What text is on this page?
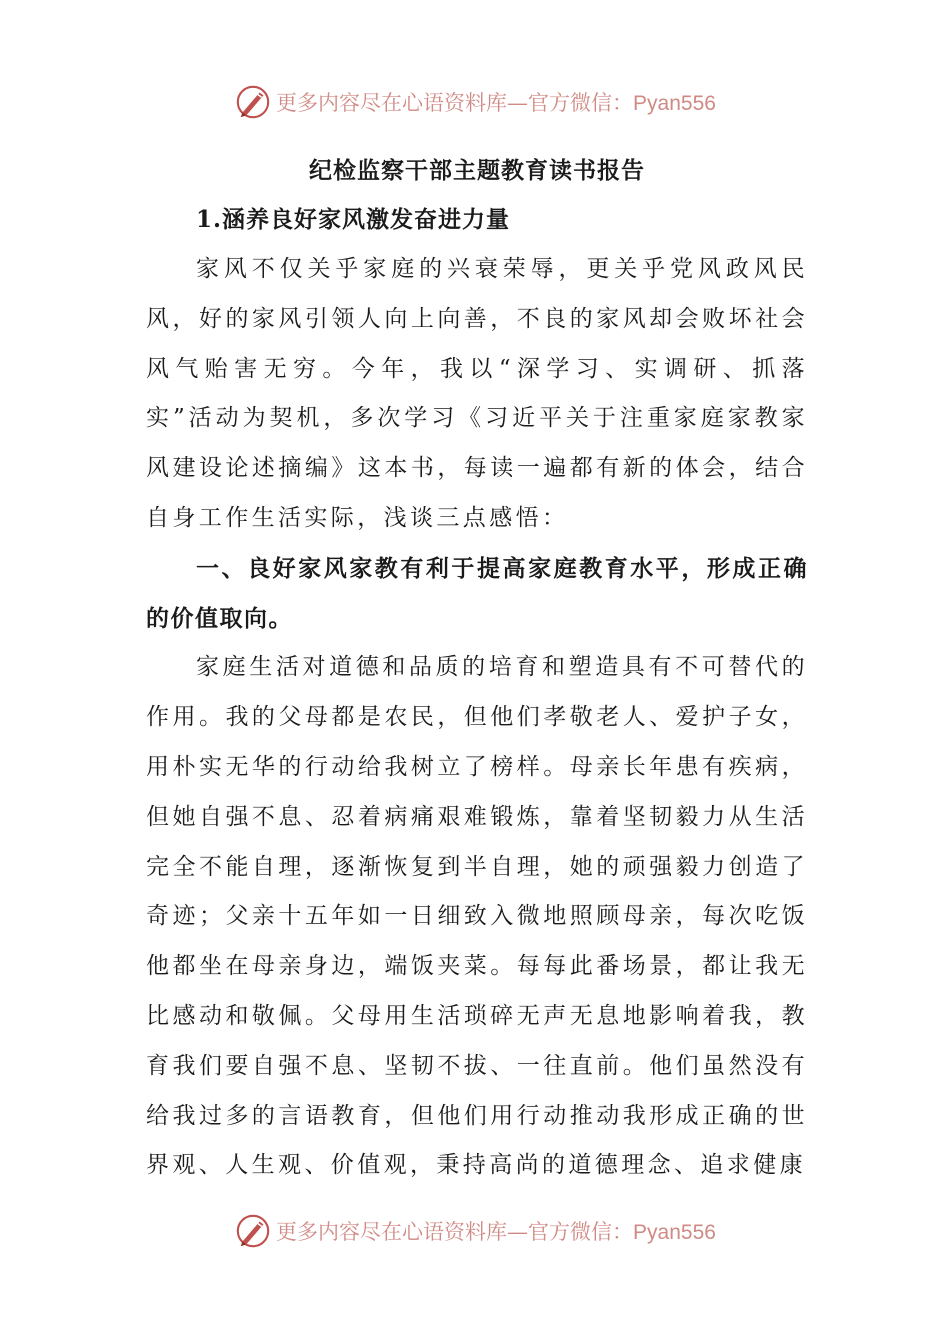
更多内容尽在心语资料库—官方微信：Pyan556
纪检监察干部主题教育读书报告
1.涵养良好家风激发奋进力量

家风不仅关乎家庭的兴衰荣辱，更关乎党风政风民风，好的家风引领人向上向善，不良的家风却会败坏社会风气贻害无穷。今年，我以“深学习、实调研、抓落实”活动为契机，多次学习《习近平关于注重家庭家教家风建设论述摘编》这本书，每读一遍都有新的体会，结合自身工作生活实际，浅谈三点感悟：

一、良好家风家教有利于提高家庭教育水平，形成正确的价值取向。

家庭生活对道德和品质的培育和塑造具有不可替代的作用。我的父母都是农民，但他们孝敬老人、爱护子女，用朴实无华的行动给我树立了榜样。母亲长年患有疾病，但她自强不息、忍着病痛艰难锻炼，靠着坚韧毅力从生活完全不能自理，逐渐恢复到半自理，她的顽强毅力创造了奇迹；父亲十五年如一日细致入微地照顾母亲，每次吃饭他都坐在母亲身边，端饭夹菜。每每此番场景，都让我无比感动和敬佩。父母用生活琐碎无声无息地影响着我，教育我们要自强不息、坚韧不拔、一往直前。他们虽然没有给我过多的言语教育，但他们用行动推动我形成正确的世界观、人生观、价值观，秉持高尚的道德理念、追求健康

更多内容尽在心语资料库—官方微信：Pyan556
